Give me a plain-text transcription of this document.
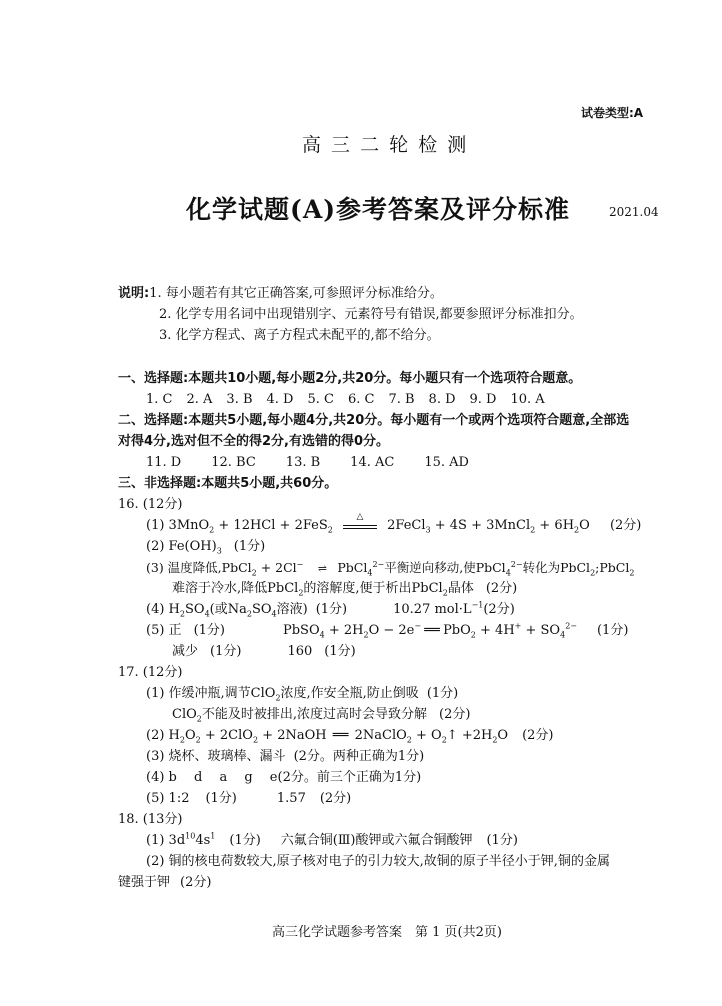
试卷类型:A
高 三 二 轮 检 测
化学试题(A)参考答案及评分标准	2021.04
说明:1. 每小题若有其它正确答案,可参照评分标准给分。
2. 化学专用名词中出现错别字、元素符号有错误,都要参照评分标准扣分。
3. 化学方程式、离子方程式未配平的,都不给分。
一、选择题:本题共10小题,每小题2分,共20分。每小题只有一个选项符合题意。
1. C 2. A 3. B 4. D 5. C 6. C 7. B 8. D 9. D 10. A
二、选择题:本题共5小题,每小题4分,共20分。每小题有一个或两个选项符合题意,全部选
对得4分,选对但不全的得2分,有选错的得0分。
11. D 12. BC 13. B 14. AC 15. AD
三、非选择题:本题共5小题,共60分。
16. (12分)
(1) 3MnO$_2$ + 12HCl + 2FeS$_2$
△
2FeCl$_3$ + 4S + 3MnCl$_2$ + $6H_2O$ (2分)
(2) $Fe(OH)_3$ (1分)
(3) 温度降低,PbCl$_2$ + 2Cl− ⇌ PbCl$_4^{2-}$平衡逆向移动,使PbCl$_4^{2-}$转化为PbCl$_2$;PbCl$_2$
难溶于冷水,降低PbCl$_2$的溶解度,便于析出PbCl$_2$晶体 (2分)
(4) $H_2SO_4$(或$Na_2SO_4$溶液) (1分)	10.27 $mol\cdot L^{-1}(2$分)
(5) 正 (1分)	PbSO$_4$ + $2H_2O - 2e^-$ ══ $PbO_2 + 4H^+ + SO_4^{2-}$ (1分)
减少 (1分)	160 (1分)
17. (12分)
(1) 作缓冲瓶,调节ClO$_2$浓度,作安全瓶,防止倒吸 (1分)
ClO$_2$不能及时被排出,浓度过高时会导致分解 (2分)
(2) $H_2O_2 + 2ClO_2$ + 2NaOH ══ 2NaClO$_2$ + $O_2↑ +2H_2O$ (2分)
(3) 烧杯、玻璃棒、漏斗 (2分。两种正确为1分)
(4) b　 d　 a　 g　 e(2分。前三个正确为1分)
(5) 1:2 (1分)	1.57 (2分)
18. (13分)
(1) $3d^{10}4s^1$ (1分) 六氟合铜(Ⅲ)酸钾或六氟合铜酸钾 (1分)
(2) 铜的核电荷数较大,原子核对电子的引力较大,故铜的原子半径小于钾,铜的金属
键强于钾 (2分)
高三化学试题参考答案　第 1 页(共2页)
